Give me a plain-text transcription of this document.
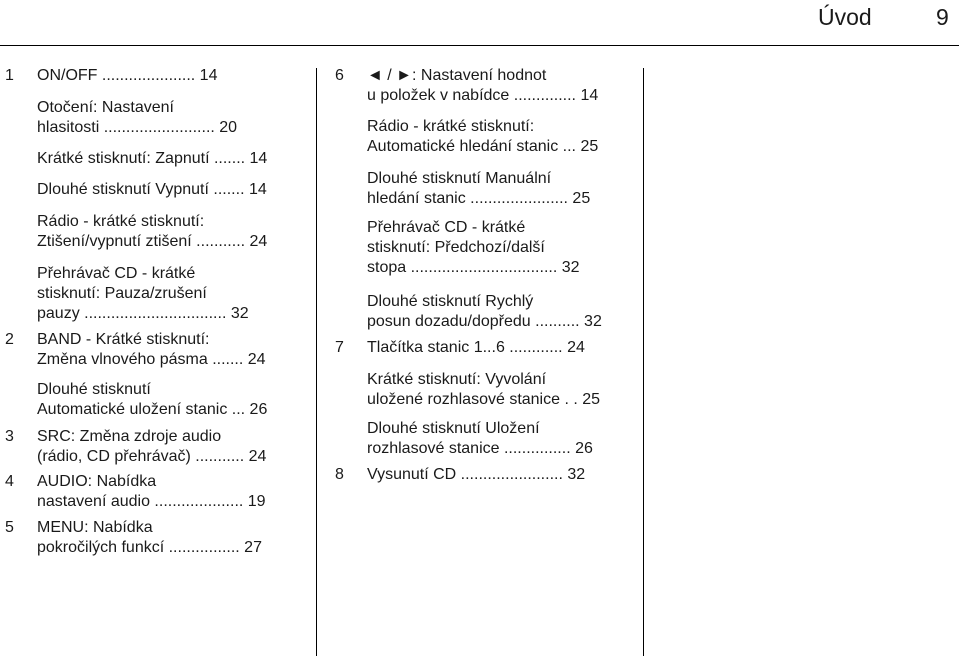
Úvod	9
1 ON/OFF ..................... 14
Otočení: Nastavení
hlasitosti ......................... 20
Krátké stisknutí: Zapnutí ....... 14
Dlouhé stisknutí Vypnutí ....... 14
Rádio - krátké stisknutí:
Ztišení/vypnutí ztišení ........... 24
Přehrávač CD - krátké
stisknutí: Pauza/zrušení
pauzy ................................ 32
2 BAND - Krátké stisknutí:
Změna vlnového pásma ....... 24
Dlouhé stisknutí
Automatické uložení stanic ... 26
3 SRC: Změna zdroje audio
(rádio, CD přehrávač) ........... 24
4 AUDIO: Nabídka
nastavení audio .................... 19
5 MENU: Nabídka
pokročilých funkcí ................ 27
6 ◄ / ►: Nastavení hodnot
u položek v nabídce .............. 14
Rádio - krátké stisknutí:
Automatické hledání stanic ... 25
Dlouhé stisknutí Manuální
hledání stanic ...................... 25
Přehrávač CD - krátké
stisknutí: Předchozí/další
stopa ................................. 32
Dlouhé stisknutí Rychlý
posun dozadu/dopředu .......... 32
7 Tlačítka stanic 1...6 ............ 24
Krátké stisknutí: Vyvolání
uložené rozhlasové stanice . . 25
Dlouhé stisknutí Uložení
rozhlasové stanice ............... 26
8 Vysunutí CD ....................... 32
